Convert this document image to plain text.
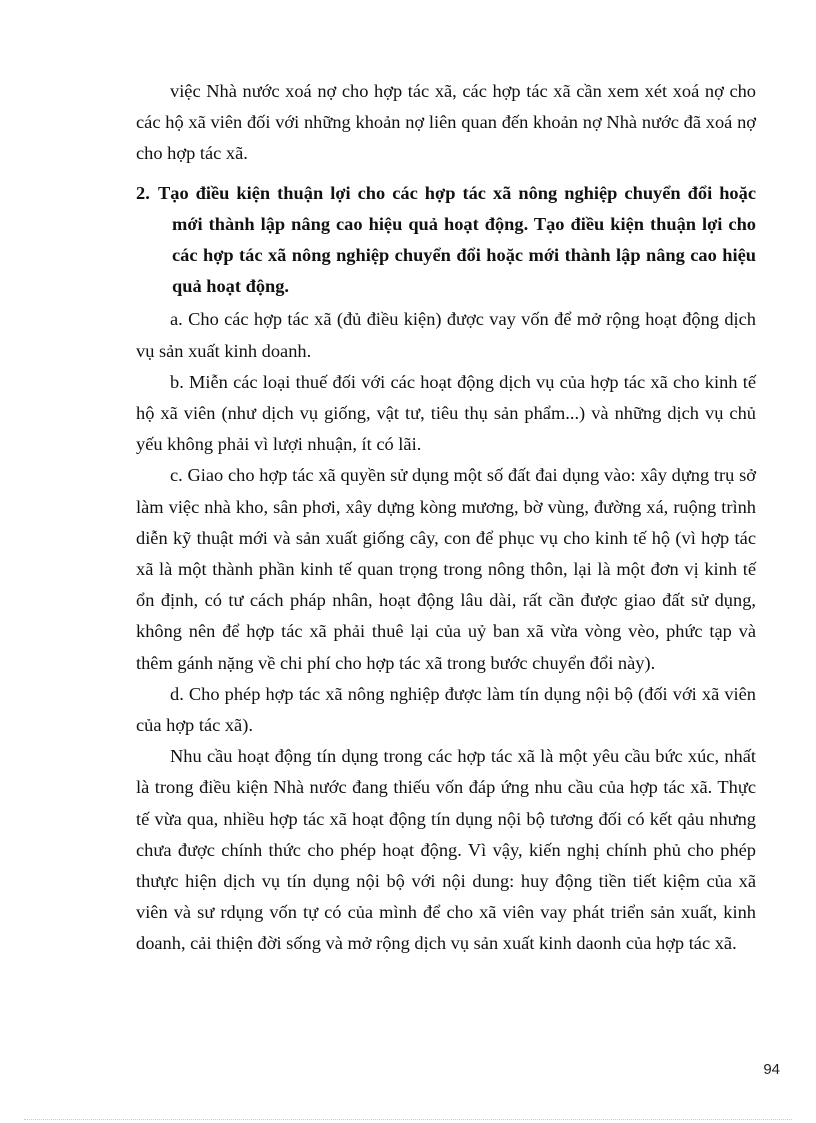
việc Nhà nước xoá nợ cho hợp tác xã, các hợp tác xã cần xem xét xoá nợ cho các hộ xã viên đối với những khoản nợ liên quan đến khoản nợ Nhà nước đã xoá nợ cho hợp tác xã.

2. Tạo điều kiện thuận lợi cho các hợp tác xã nông nghiệp chuyển đổi hoặc mới thành lập nâng cao hiệu quả hoạt động. Tạo điều kiện thuận lợi cho các hợp tác xã nông nghiệp chuyển đổi hoặc mới thành lập nâng cao hiệu quả hoạt động.

a. Cho các hợp tác xã (đủ điều kiện) được vay vốn để mở rộng hoạt động dịch vụ sản xuất kinh doanh.

b. Miễn các loại thuế đối với các hoạt động dịch vụ của hợp tác xã cho kinh tế hộ xã viên (như dịch vụ giống, vật tư, tiêu thụ sản phẩm...) và những dịch vụ chủ yếu không phải vì lượi nhuận, ít có lãi.

c. Giao cho hợp tác xã quyền sử dụng một số đất đai dụng vào: xây dựng trụ sở làm việc nhà kho, sân phơi, xây dựng kòng mương, bờ vùng, đường xá, ruộng trình diễn kỹ thuật mới và sản xuất giống cây, con để phục vụ cho kinh tế hộ (vì hợp tác xã là một thành phần kinh tế quan trọng trong nông thôn, lại là một đơn vị kinh tế ổn định, có tư cách pháp nhân, hoạt động lâu dài, rất cần được giao đất sử dụng, không nên để hợp tác xã phải thuê lại của uỷ ban xã vừa vòng vèo, phức tạp và thêm gánh nặng về chi phí cho hợp tác xã trong bước chuyển đổi này).

d. Cho phép hợp tác xã nông nghiệp được làm tín dụng nội bộ (đối với xã viên của hợp tác xã).

Nhu cầu hoạt động tín dụng trong các hợp tác xã là một yêu cầu bức xúc, nhất là trong điều kiện Nhà nước đang thiếu vốn đáp ứng nhu cầu của hợp tác xã. Thực tế vừa qua, nhiều hợp tác xã hoạt động tín dụng nội bộ tương đối có kết qảu nhưng chưa được chính thức cho phép hoạt động. Vì vậy, kiến nghị chính phủ cho phép thưực hiện dịch vụ tín dụng nội bộ với nội dung: huy động tiền tiết kiệm của xã viên và sư rdụng vốn tự có của mình để cho xã viên vay phát triển sản xuất, kinh doanh, cải thiện đời sống và mở rộng dịch vụ sản xuất kinh daonh của hợp tác xã.

94
